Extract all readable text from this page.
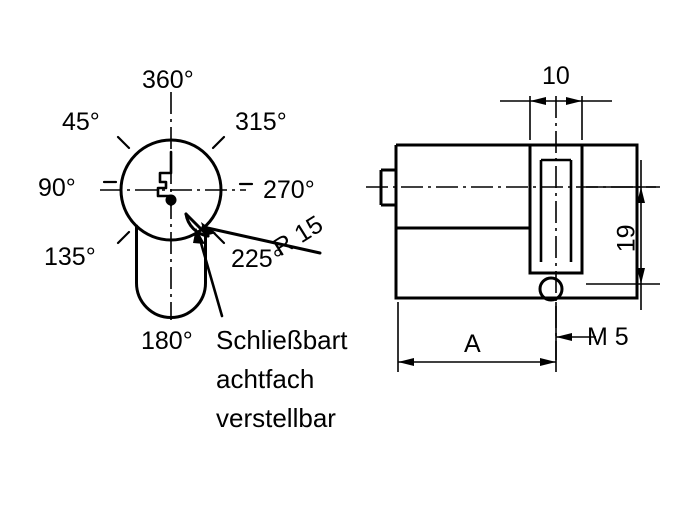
360°
45°	315°
90°	270°
135°	225°
180°
R 15
Schließbart
achtfach
verstellbar
10
19
A	M 5
